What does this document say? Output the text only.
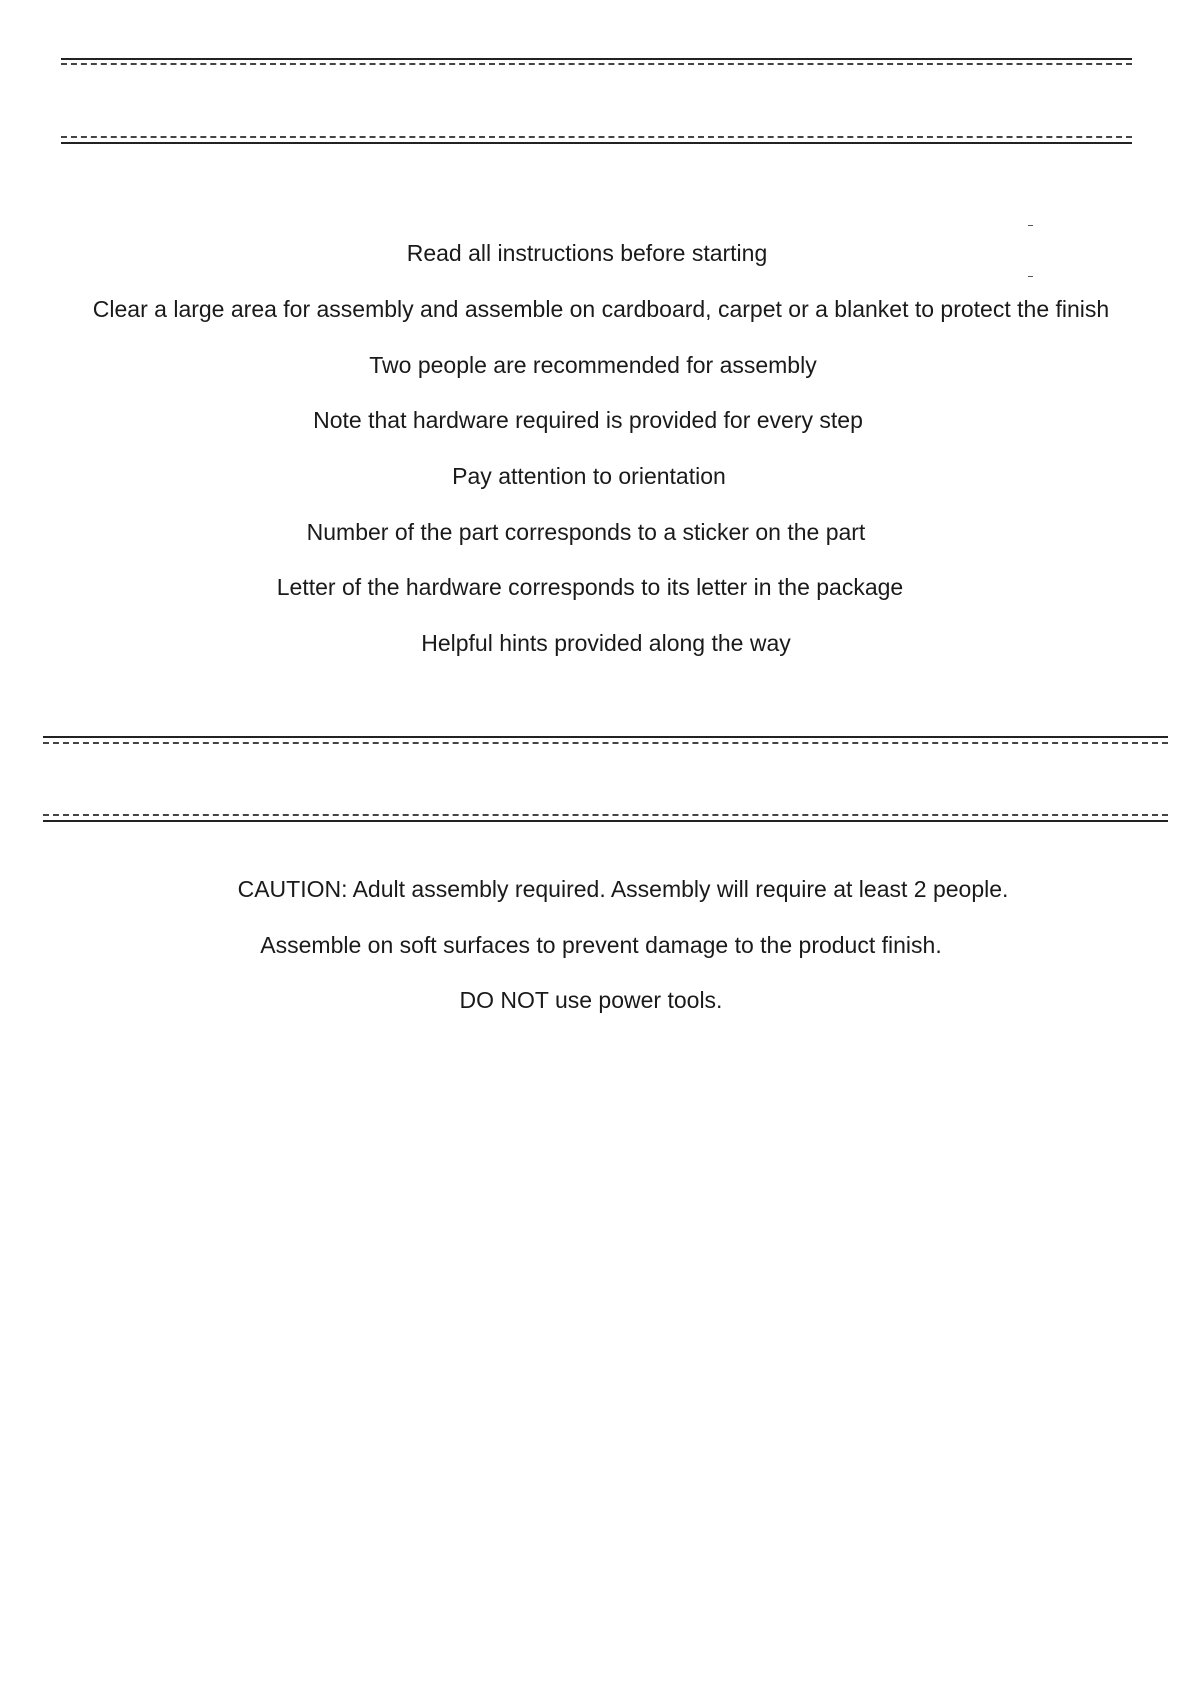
Read all instructions before starting
Clear a large area for assembly and assemble on cardboard, carpet or a blanket to protect the finish
Two people are recommended for assembly
Note that hardware required is provided for every step
Pay attention to orientation
Number of the part corresponds to a sticker on the part
Letter of the hardware corresponds to its letter in the package
Helpful hints provided along the way
CAUTION: Adult assembly required. Assembly will require at least 2 people.
Assemble on soft surfaces to prevent damage to the product finish.
DO NOT use power tools.
